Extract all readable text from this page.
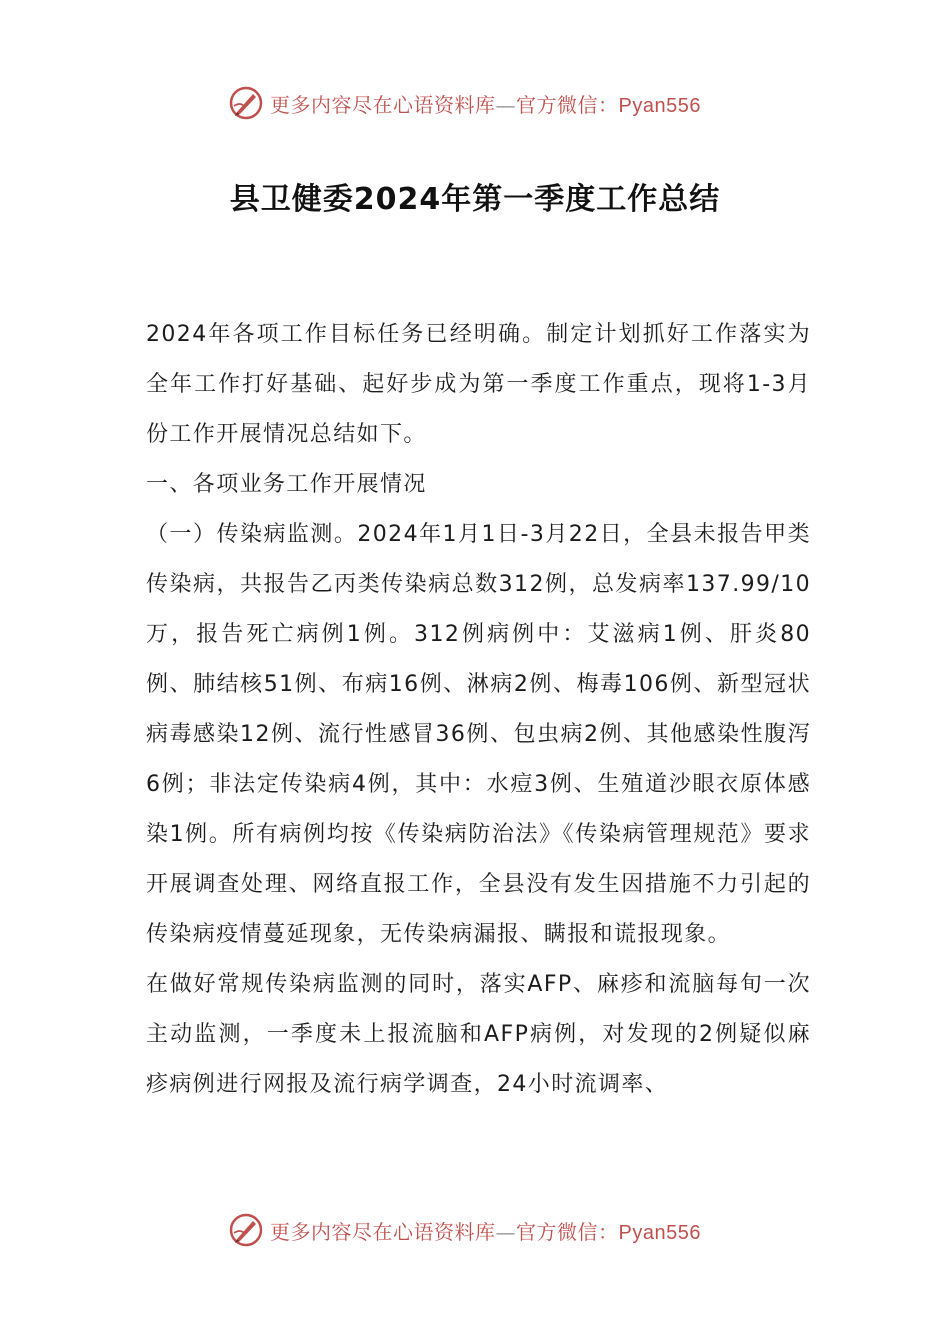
更多内容尽在心语资料库—官方微信：Pyan556
县卫健委2024年第一季度工作总结

2024年各项工作目标任务已经明确。制定计划抓好工作落实为全年工作打好基础、起好步成为第一季度工作重点，现将1-3月份工作开展情况总结如下。

一、各项业务工作开展情况

（一）传染病监测。2024年1月1日-3月22日，全县未报告甲类传染病，共报告乙丙类传染病总数312例，总发病率137.99/10万，报告死亡病例1例。312例病例中：艾滋病1例、肝炎80例、肺结核51例、布病16例、淋病2例、梅毒106例、新型冠状病毒感染12例、流行性感冒36例、包虫病2例、其他感染性腹泻6例；非法定传染病4例，其中：水痘3例、生殖道沙眼衣原体感染1例。所有病例均按《传染病防治法》《传染病管理规范》要求开展调查处理、网络直报工作，全县没有发生因措施不力引起的传染病疫情蔓延现象，无传染病漏报、瞒报和谎报现象。

在做好常规传染病监测的同时，落实AFP、麻疹和流脑每旬一次主动监测，一季度未上报流脑和AFP病例，对发现的2例疑似麻疹病例进行网报及流行病学调查，24小时流调率、

更多内容尽在心语资料库—官方微信：Pyan556
